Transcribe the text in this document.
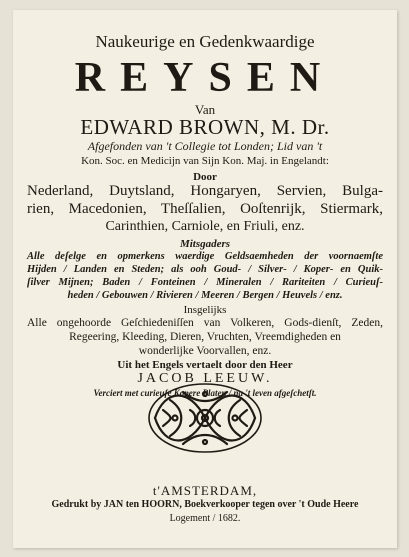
Naukeurige en Gedenkwaardige
REYSEN
Van
EDWARD BROWN, M. Dr.
Afgefonden van 't Collegie tot Londen; Lid van 't
Kon. Soc. en Medicijn van Sijn Kon. Maj. in Engelandt:
Door
Nederland, Duytsland, Hongaryen, Servien, Bulga-
rien, Macedonien, Theſſalien, Ooſtenrijk, Stiermark,
Carinthien, Carniole, en Friuli, enz.
Mitsgaders
Alle deſelge en opmerkens waerdige Geldsaemheden der voornaemſte
Hijden / Landen en Steden; als ooh Goud- / Silver- / Koper- en Quik-
ſilver Mijnen; Baden / Fonteinen / Mineralen / Rariteiten / Curieuſ-
heden / Gebouwen / Rivieren / Meeren / Bergen / Heuvels / enz.
Insgelijks
Alle ongehoorde Geſchiedeniſſen van Volkeren, Gods-dienſt, Zeden,
Regeering, Kleeding, Dieren, Vruchten, Vreemdigheden en
wonderlijke Voorvallen, enz.
Uit het Engels vertaelt door den Heer
JACOB LEEUW.
Verciert met curieuſe Kopere Platen / na 't leven afgeſchetſt.
t'AMSTERDAM,
Gedrukt by JAN ten HOORN, Boekverkooper tegen over 't Oude Heere
Logement / 1682.
